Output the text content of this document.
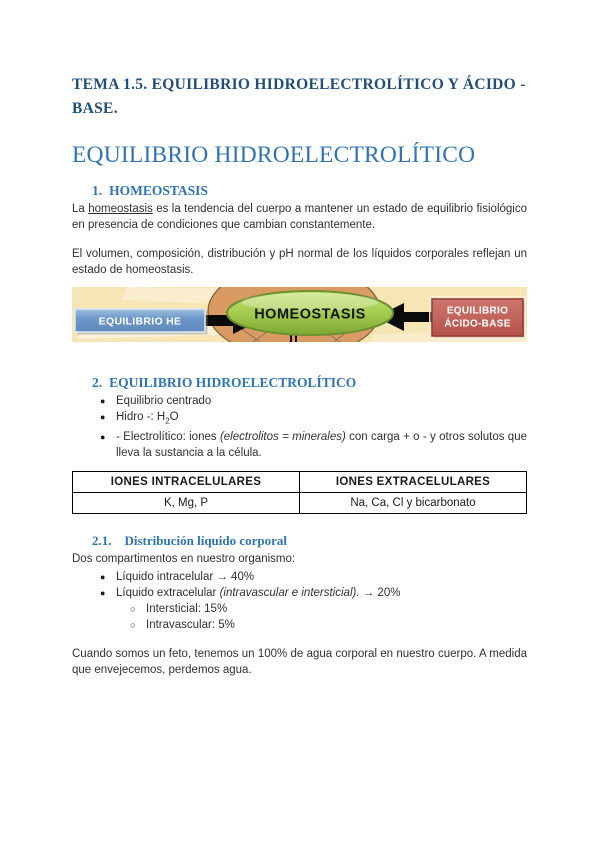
TEMA 1.5. EQUILIBRIO HIDROELECTROLÍTICO Y ÁCIDO -
BASE.
EQUILIBRIO HIDROELECTROLÍTICO
1. HOMEOSTASIS

La homeostasis es la tendencia del cuerpo a mantener un estado de equilibrio fisiológico en presencia de condiciones que cambian constantemente.

El volumen, composición, distribución y pH normal de los líquidos corporales reflejan un estado de homeostasis.

HOMEOSTASIS
EQUILIBRIO HE
EQUILIBRIO
ÁCIDO-BASE
2. EQUILIBRIO HIDROELECTROLÍTICO
● Equilibrio centrado
● Hidro -: $H_2O$
● - Electrolítico: iones (electrolitos = minerales) con carga + o - y otros solutos que lleva la sustancia a la célula.
IONES INTRACELULARES	IONES EXTRACELULARES
K, Mg, P	Na, Ca, Cl y bicarbonato
2.1. Distribución líquido corporal

Dos compartimentos en nuestro organismo:

● Líquido intracelular → 40%
● Líquido extracelular (intravascular e intersticial). → 20%
○ Intersticial: 15%
○ Intravascular: 5%

Cuando somos un feto, tenemos un 100% de agua corporal en nuestro cuerpo. A medida que envejecemos, perdemos agua.
